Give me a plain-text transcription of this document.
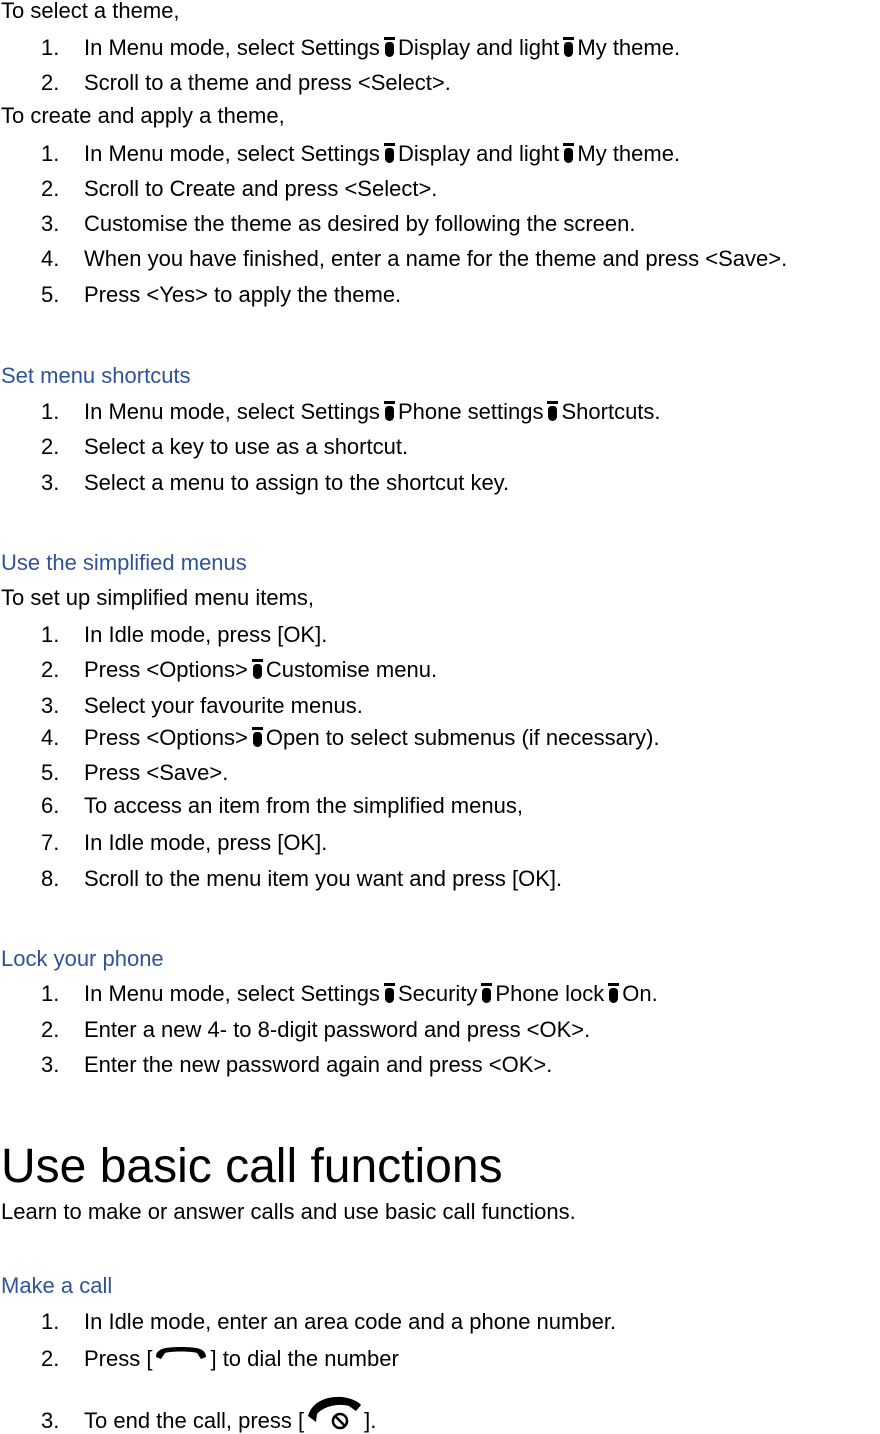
To select a theme,
1. In Menu mode, select Settings Display and light My theme.
2. Scroll to a theme and press <Select>.
To create and apply a theme,
1. In Menu mode, select Settings Display and light My theme.
2. Scroll to Create and press <Select>.
3. Customise the theme as desired by following the screen.
4. When you have finished, enter a name for the theme and press <Save>.
5. Press <Yes> to apply the theme.
Set menu shortcuts
1. In Menu mode, select Settings Phone settings Shortcuts.
2. Select a key to use as a shortcut.
3. Select a menu to assign to the shortcut key.
Use the simplified menus
To set up simplified menu items,
1. In Idle mode, press [OK].
2. Press <Options> Customise menu.
3. Select your favourite menus.
4. Press <Options> Open to select submenus (if necessary).
5. Press <Save>.
6. To access an item from the simplified menus,
7. In Idle mode, press [OK].
8. Scroll to the menu item you want and press [OK].
Lock your phone
1. In Menu mode, select Settings Security Phone lock On.
2. Enter a new 4- to 8-digit password and press <OK>.
3. Enter the new password again and press <OK>.
Use basic call functions
Learn to make or answer calls and use basic call functions.
Make a call
1. In Idle mode, enter an area code and a phone number.
2. Press [	] to dial the number
3. To end the call, press [	].
